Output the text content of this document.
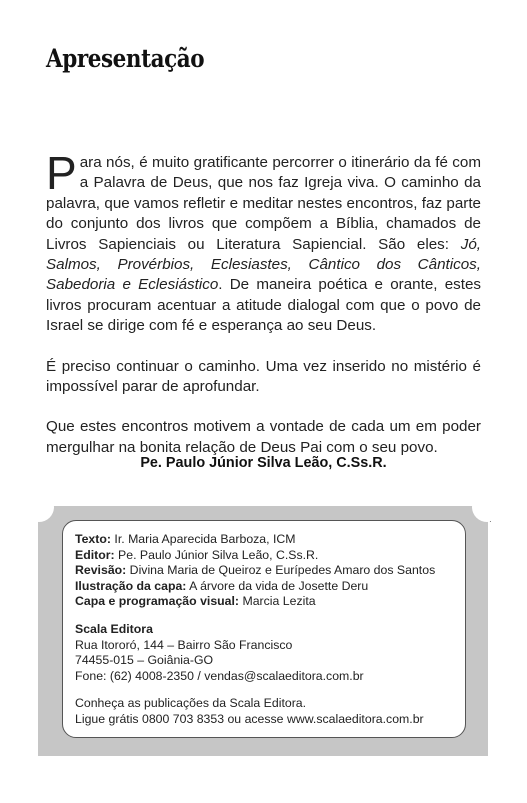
Apresentação

Para nós, é muito gratificante percorrer o itinerário da fé com a Palavra de Deus, que nos faz Igreja viva. O caminho da palavra, que vamos refletir e meditar nestes encontros, faz parte do conjunto dos livros que compõem a Bíblia, chamados de Livros Sapienciais ou Literatura Sapiencial. São eles: Jó, Salmos, Provérbios, Eclesiastes, Cântico dos Cânticos, Sabedoria e Eclesiástico. De maneira poética e orante, estes livros procuram acentuar a atitude dialogal com que o povo de Israel se dirige com fé e esperança ao seu Deus.

É preciso continuar o caminho. Uma vez inserido no mistério é impossível parar de aprofundar.

Que estes encontros motivem a vontade de cada um em poder mergulhar na bonita relação de Deus Pai com o seu povo.

Pe. Paulo Júnior Silva Leão, C.Ss.R.
·
Texto: Ir. Maria Aparecida Barboza, ICM
Editor: Pe. Paulo Júnior Silva Leão, C.Ss.R.
Revisão: Divina Maria de Queiroz e Eurípedes Amaro dos Santos
Ilustração da capa: A árvore da vida de Josette Deru
Capa e programação visual: Marcia Lezita
Scala Editora
Rua Itororó, 144 – Bairro São Francisco
74455-015 – Goiânia-GO
Fone: (62) 4008-2350 / vendas@scalaeditora.com.br
Conheça as publicações da Scala Editora.
Ligue grátis 0800 703 8353 ou acesse www.scalaeditora.com.br
